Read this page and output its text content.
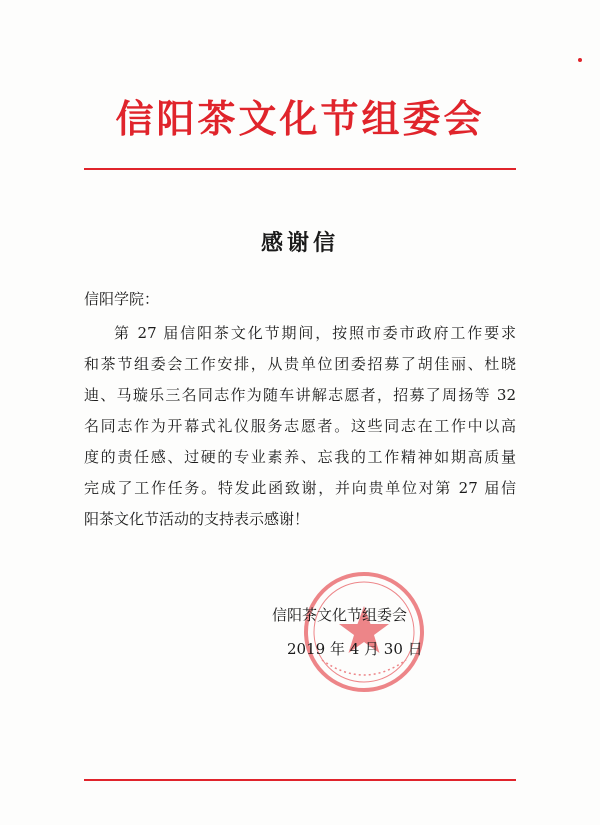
信阳茶文化节组委会
感谢信
信阳学院：
第 27 届信阳茶文化节期间，按照市委市政府工作要求
和茶节组委会工作安排，从贵单位团委招募了胡佳丽、杜晓
迪、马璇乐三名同志作为随车讲解志愿者，招募了周扬等 32
名同志作为开幕式礼仪服务志愿者。这些同志在工作中以高
度的责任感、过硬的专业素养、忘我的工作精神如期高质量
完成了工作任务。特发此函致谢，并向贵单位对第 27 届信
阳茶文化节活动的支持表示感谢！
信阳茶文化节组委会
2019 年 4 月 30 日
